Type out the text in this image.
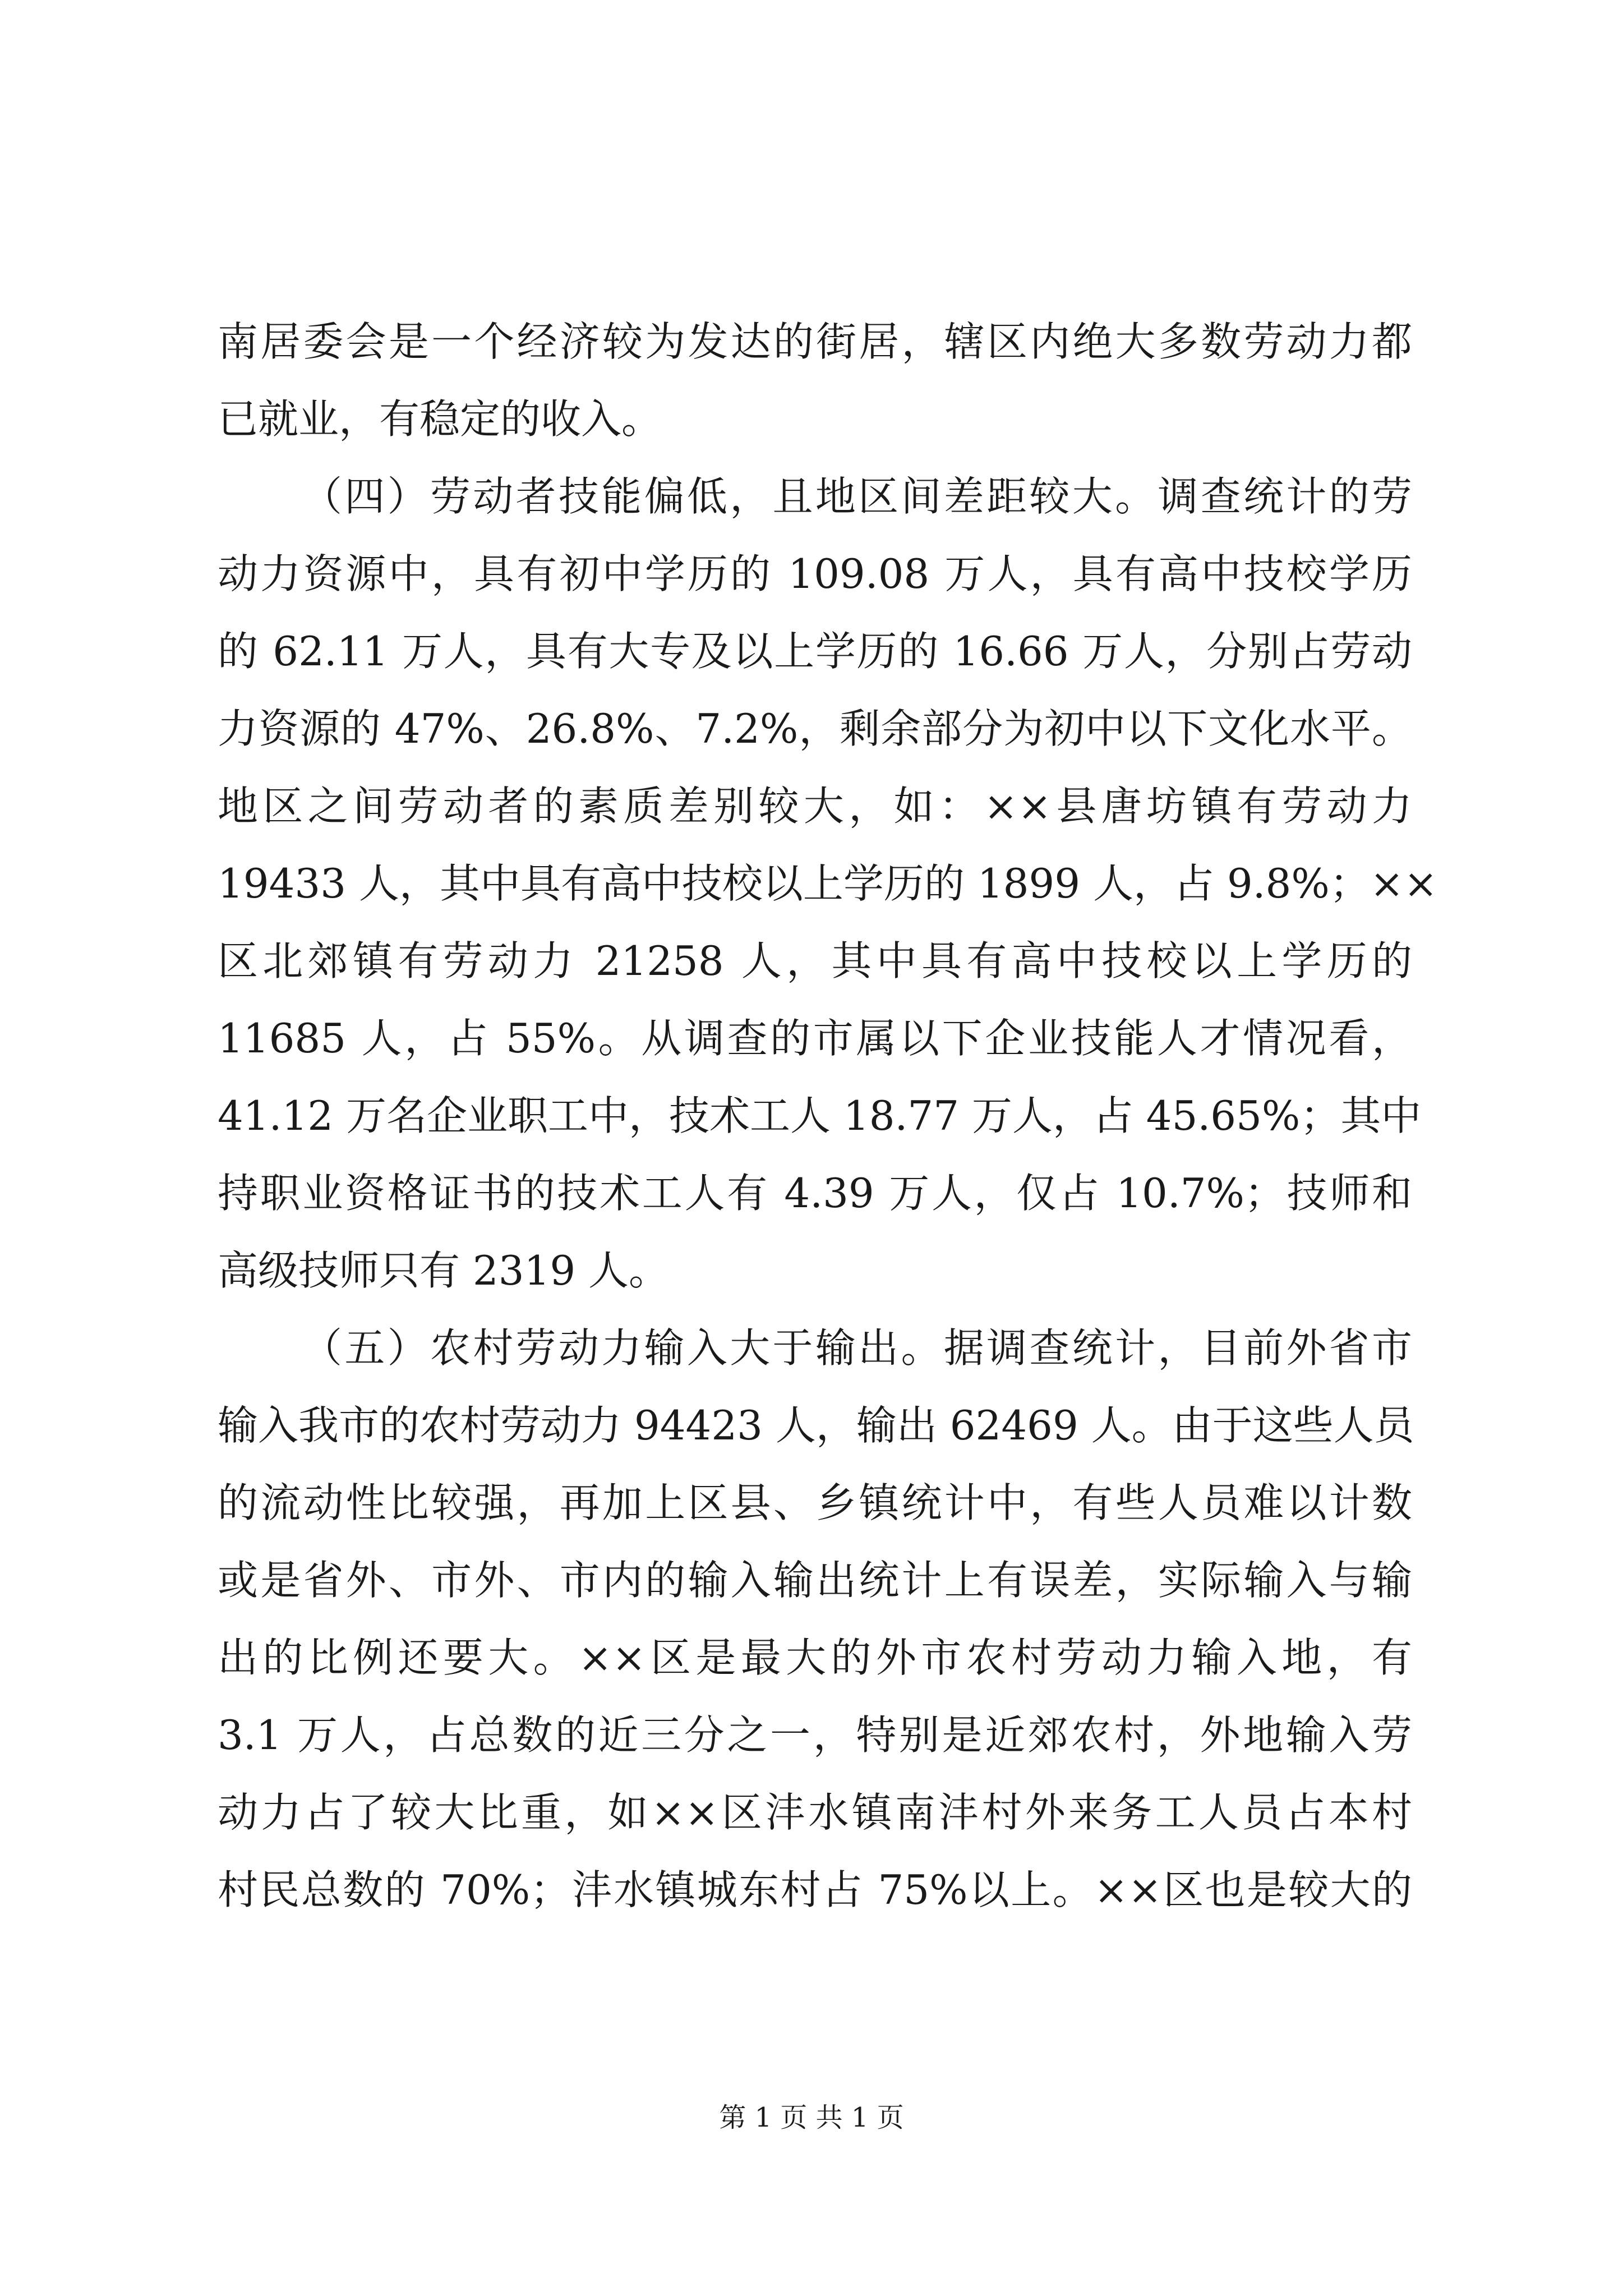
南居委会是一个经济较为发达的街居，辖区内绝大多数劳动力都
已就业，有稳定的收入。
（四）劳动者技能偏低，且地区间差距较大。调查统计的劳
动力资源中，具有初中学历的 109.08 万人，具有高中技校学历
的 62.11 万人，具有大专及以上学历的 16.66 万人，分别占劳动
力资源的 47%、26.8%、7.2%，剩余部分为初中以下文化水平。
地区之间劳动者的素质差别较大，如：××县唐坊镇有劳动力
19433 人，其中具有高中技校以上学历的 1899 人，占 9.8%；××
区北郊镇有劳动力 21258 人，其中具有高中技校以上学历的
11685 人，占 55%。从调查的市属以下企业技能人才情况看，
41.12 万名企业职工中，技术工人 18.77 万人，占 45.65%；其中
持职业资格证书的技术工人有 4.39 万人，仅占 10.7%；技师和
高级技师只有 2319 人。
（五）农村劳动力输入大于输出。据调查统计，目前外省市
输入我市的农村劳动力 94423 人，输出 62469 人。由于这些人员
的流动性比较强，再加上区县、乡镇统计中，有些人员难以计数
或是省外、市外、市内的输入输出统计上有误差，实际输入与输
出的比例还要大。××区是最大的外市农村劳动力输入地，有
3.1 万人，占总数的近三分之一，特别是近郊农村，外地输入劳
动力占了较大比重，如××区沣水镇南沣村外来务工人员占本村
村民总数的 70%；沣水镇城东村占 75%以上。××区也是较大的
第 1 页 共 1 页
